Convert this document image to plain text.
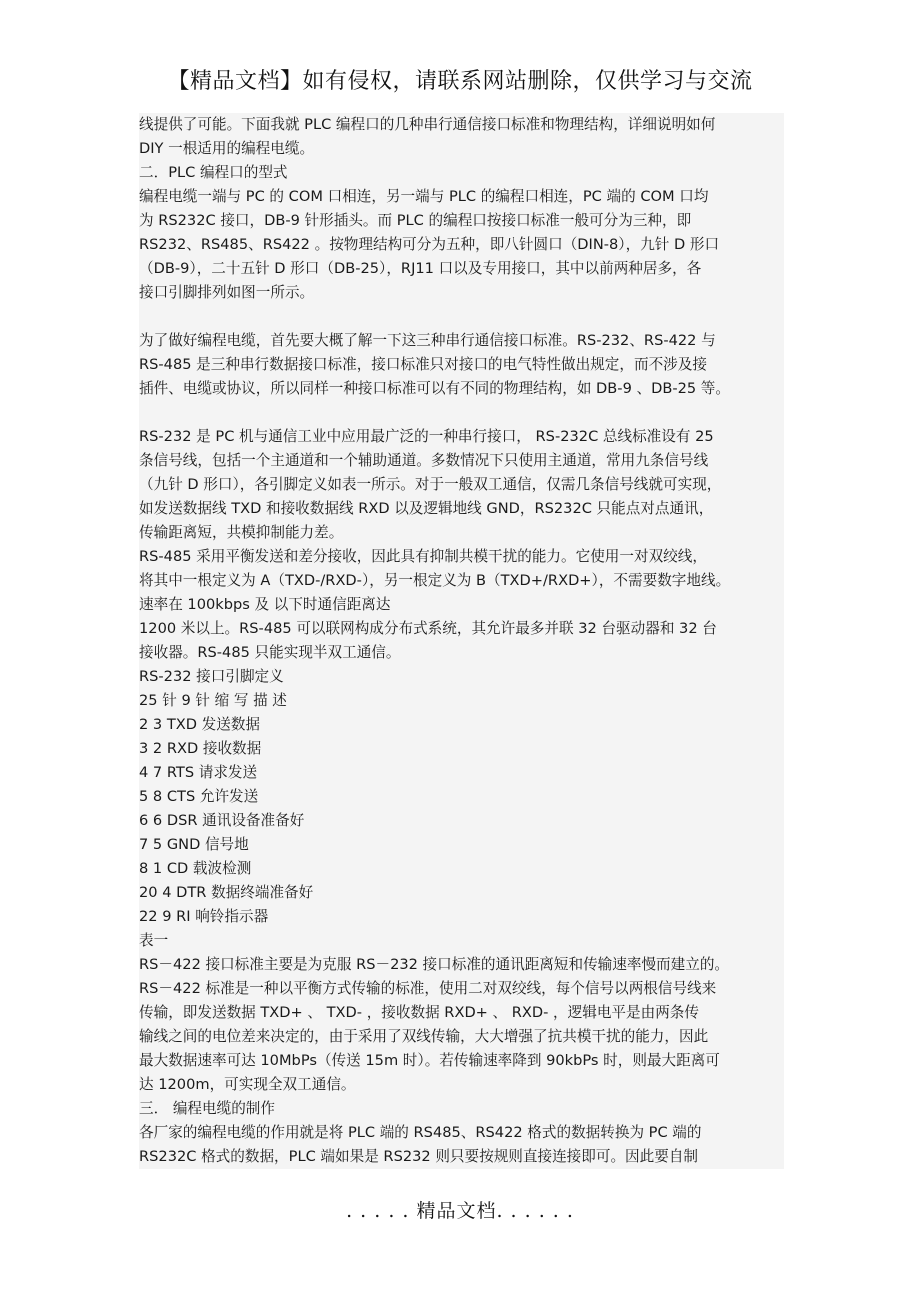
【精品文档】如有侵权，请联系网站删除，仅供学习与交流
线提供了可能。下面我就 PLC 编程口的几种串行通信接口标准和物理结构，详细说明如何
DIY 一根适用的编程电缆。
二．PLC 编程口的型式
编程电缆一端与 PC 的 COM 口相连，另一端与 PLC 的编程口相连，PC 端的 COM 口均
为 RS232C 接口，DB-9 针形插头。而 PLC 的编程口按接口标准一般可分为三种，即
RS232、RS485、RS422 。按物理结构可分为五种，即八针圆口（DIN-8），九针 D 形口
（DB-9），二十五针 D 形口（DB-25），RJ11 口以及专用接口，其中以前两种居多，各
接口引脚排列如图一所示。
为了做好编程电缆，首先要大概了解一下这三种串行通信接口标准。RS-232、RS-422 与
RS-485 是三种串行数据接口标准，接口标准只对接口的电气特性做出规定，而不涉及接
插件、电缆或协议，所以同样一种接口标准可以有不同的物理结构，如 DB-9 、DB-25 等。
RS-232 是 PC 机与通信工业中应用最广泛的一种串行接口， RS-232C 总线标准设有 25
条信号线，包括一个主通道和一个辅助通道。多数情况下只使用主通道，常用九条信号线
（九针 D 形口），各引脚定义如表一所示。对于一般双工通信，仅需几条信号线就可实现，
如发送数据线 TXD 和接收数据线 RXD 以及逻辑地线 GND，RS232C 只能点对点通讯，
传输距离短，共模抑制能力差。
RS-485 采用平衡发送和差分接收，因此具有抑制共模干扰的能力。它使用一对双绞线，
将其中一根定义为 A（TXD-/RXD-），另一根定义为 B（TXD+/RXD+），不需要数字地线。
速率在 100kbps 及 以下时通信距离达
1200 米以上。RS-485 可以联网构成分布式系统，其允许最多并联 32 台驱动器和 32 台
接收器。RS-485 只能实现半双工通信。
RS-232 接口引脚定义
25 针 9 针 缩 写 描 述
2 3 TXD 发送数据
3 2 RXD 接收数据
4 7 RTS 请求发送
5 8 CTS 允许发送
6 6 DSR 通讯设备准备好
7 5 GND 信号地
8 1 CD 载波检测
20 4 DTR 数据终端准备好
22 9 RI 响铃指示器
表一
RS－422 接口标准主要是为克服 RS－232 接口标准的通讯距离短和传输速率慢而建立的。
RS－422 标准是一种以平衡方式传输的标准，使用二对双绞线，每个信号以两根信号线来
传输，即发送数据 TXD+ 、 TXD- ，接收数据 RXD+ 、 RXD- ，逻辑电平是由两条传
输线之间的电位差来决定的，由于采用了双线传输，大大增强了抗共模干扰的能力，因此
最大数据速率可达 10MbPs（传送 15m 时）。若传输速率降到 90kbPs 时，则最大距离可
达 1200m，可实现全双工通信。
三． 编程电缆的制作
各厂家的编程电缆的作用就是将 PLC 端的 RS485、RS422 格式的数据转换为 PC 端的
RS232C 格式的数据，PLC 端如果是 RS232 则只要按规则直接连接即可。因此要自制
. . . . . 精品文档. . . . . .
